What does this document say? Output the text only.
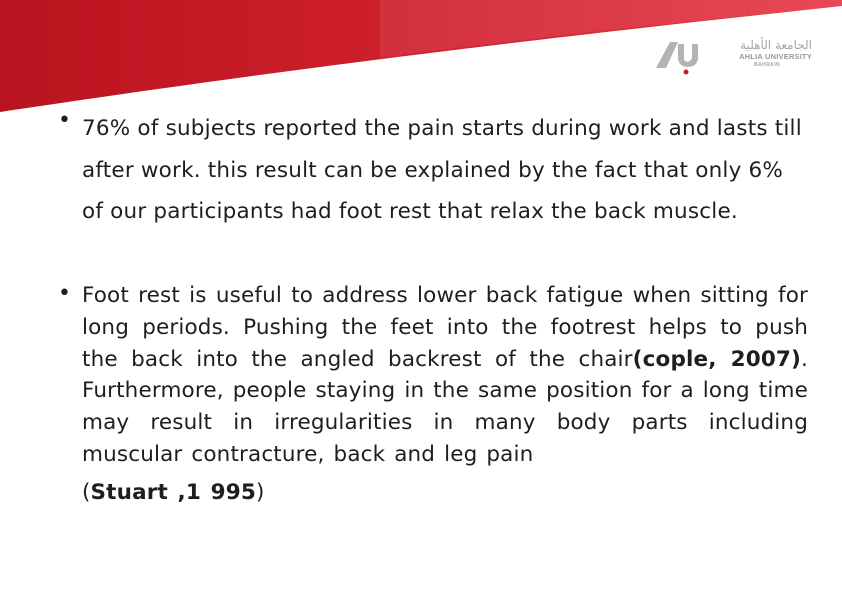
الجامعة الأهلية
AHLIA UNIVERSITY
BAHRAIN
• 76% of subjects reported the pain starts during work and lasts till after work. this result can be explained by the fact that only 6% of our participants had foot rest that relax the back muscle.
• Foot rest is useful to address lower back fatigue when sitting for long periods. Pushing the feet into the footrest helps to push the back into the angled backrest of the chair(cople, 2007). Furthermore, people staying in the same position for a long time may result in irregularities in many body parts including muscular contracture, back and leg pain
(Stuart ,1 995)
